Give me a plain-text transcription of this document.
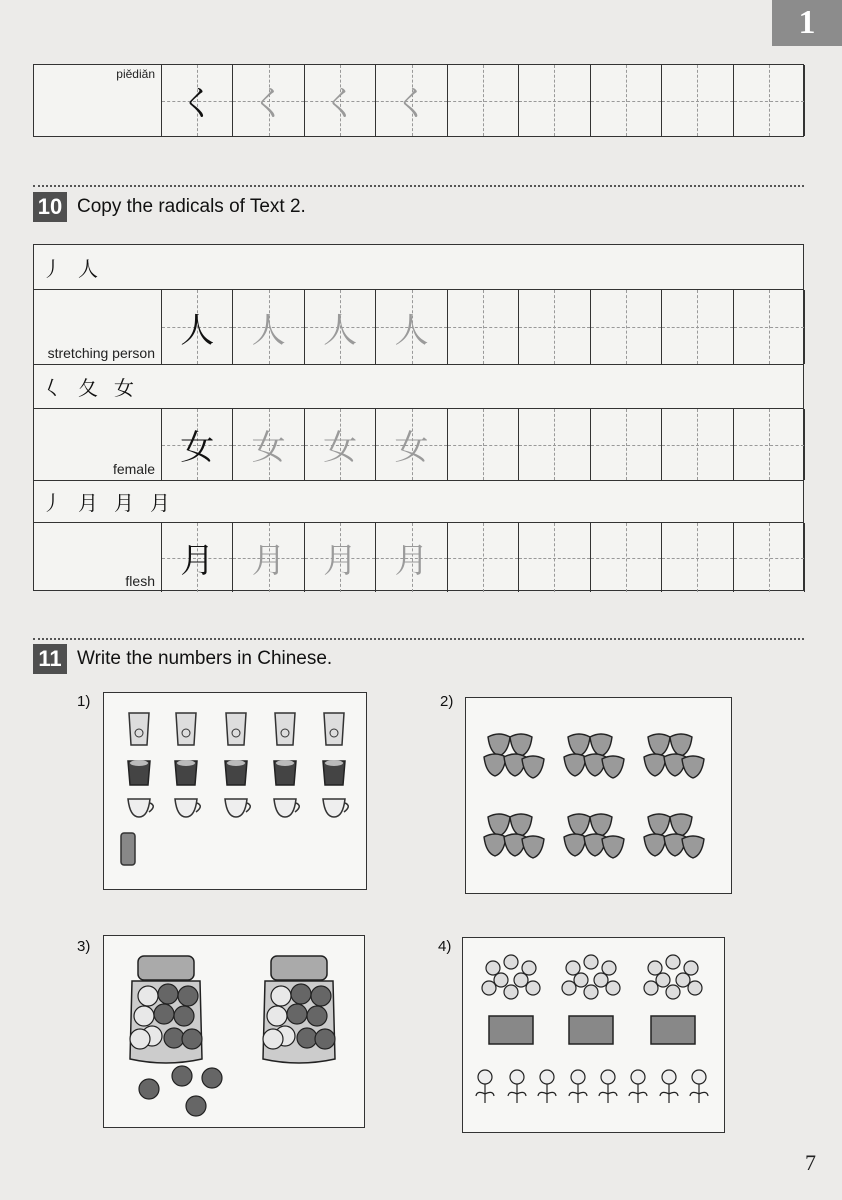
1
piědiǎn
く	く	く	く
10 Copy the radicals of Text 2.
丿 人
stretching person
人	人	人	人
𡿨 夂 女
female
女	女	女	女
丿 月 月 月
flesh 月	月	月	月
11 Write the numbers in Chinese.
1)	2)
3)	4)
7
